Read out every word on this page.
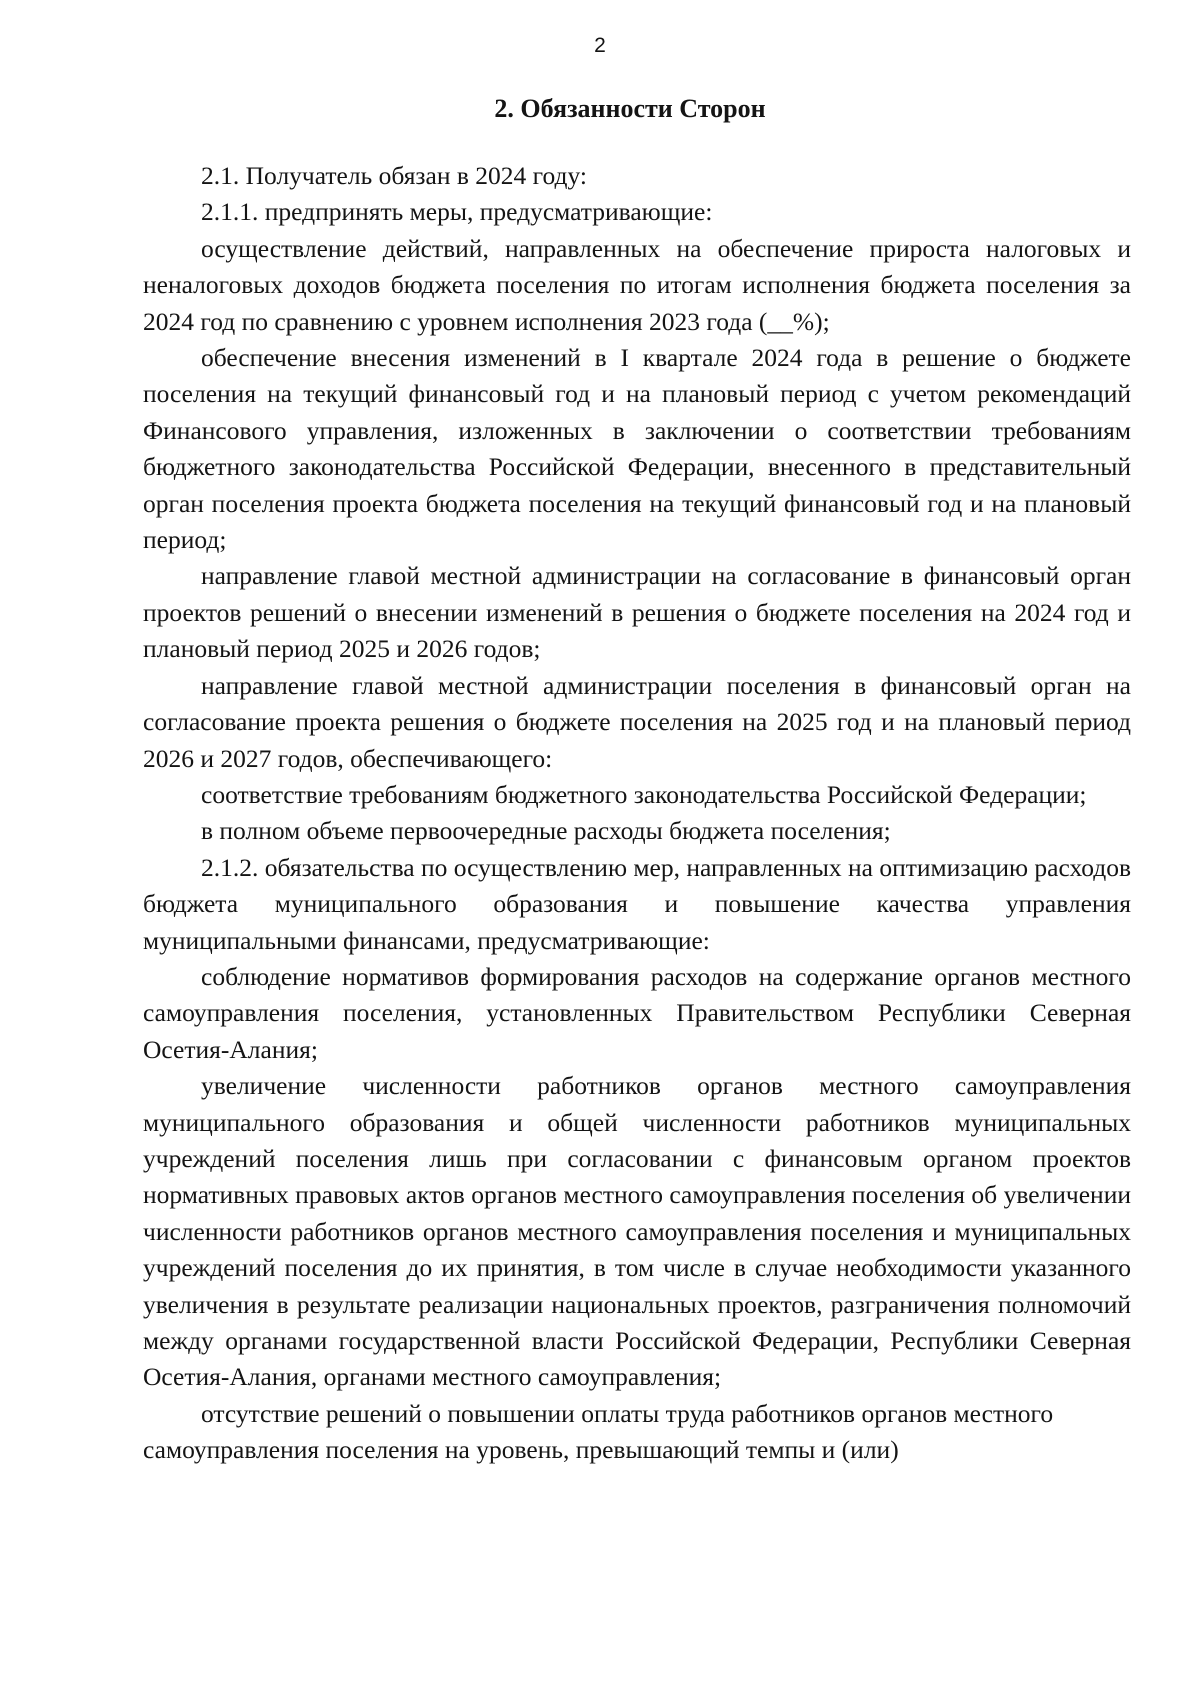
2
2. Обязанности Сторон

2.1. Получатель обязан в 2024 году:

2.1.1. предпринять меры, предусматривающие:

осуществление действий, направленных на обеспечение прироста налоговых и неналоговых доходов бюджета поселения по итогам исполнения бюджета поселения за 2024 год по сравнению с уровнем исполнения 2023 года (__%);

обеспечение внесения изменений в I квартале 2024 года в решение о бюджете поселения на текущий финансовый год и на плановый период с учетом рекомендаций Финансового управления, изложенных в заключении о соответствии требованиям бюджетного законодательства Российской Федерации, внесенного в представительный орган поселения проекта бюджета поселения на текущий финансовый год и на плановый период;

направление главой местной администрации на согласование в финансовый орган проектов решений о внесении изменений в решения о бюджете поселения на 2024 год и плановый период 2025 и 2026 годов;

направление главой местной администрации поселения в финансовый орган на согласование проекта решения о бюджете поселения на 2025 год и на плановый период 2026 и 2027 годов, обеспечивающего:

соответствие требованиям бюджетного законодательства Российской Федерации;

в полном объеме первоочередные расходы бюджета поселения;

2.1.2. обязательства по осуществлению мер, направленных на оптимизацию расходов бюджета муниципального образования и повышение качества управления муниципальными финансами, предусматривающие:

соблюдение нормативов формирования расходов на содержание органов местного самоуправления поселения, установленных Правительством Республики Северная Осетия-Алания;

увеличение численности работников органов местного самоуправления муниципального образования и общей численности работников муниципальных учреждений поселения лишь при согласовании с финансовым органом проектов нормативных правовых актов органов местного самоуправления поселения об увеличении численности работников органов местного самоуправления поселения и муниципальных учреждений поселения до их принятия, в том числе в случае необходимости указанного увеличения в результате реализации национальных проектов, разграничения полномочий между органами государственной власти Российской Федерации, Республики Северная Осетия-Алания, органами местного самоуправления;

отсутствие решений о повышении оплаты труда работников органов местного самоуправления поселения на уровень, превышающий темпы и (или)
